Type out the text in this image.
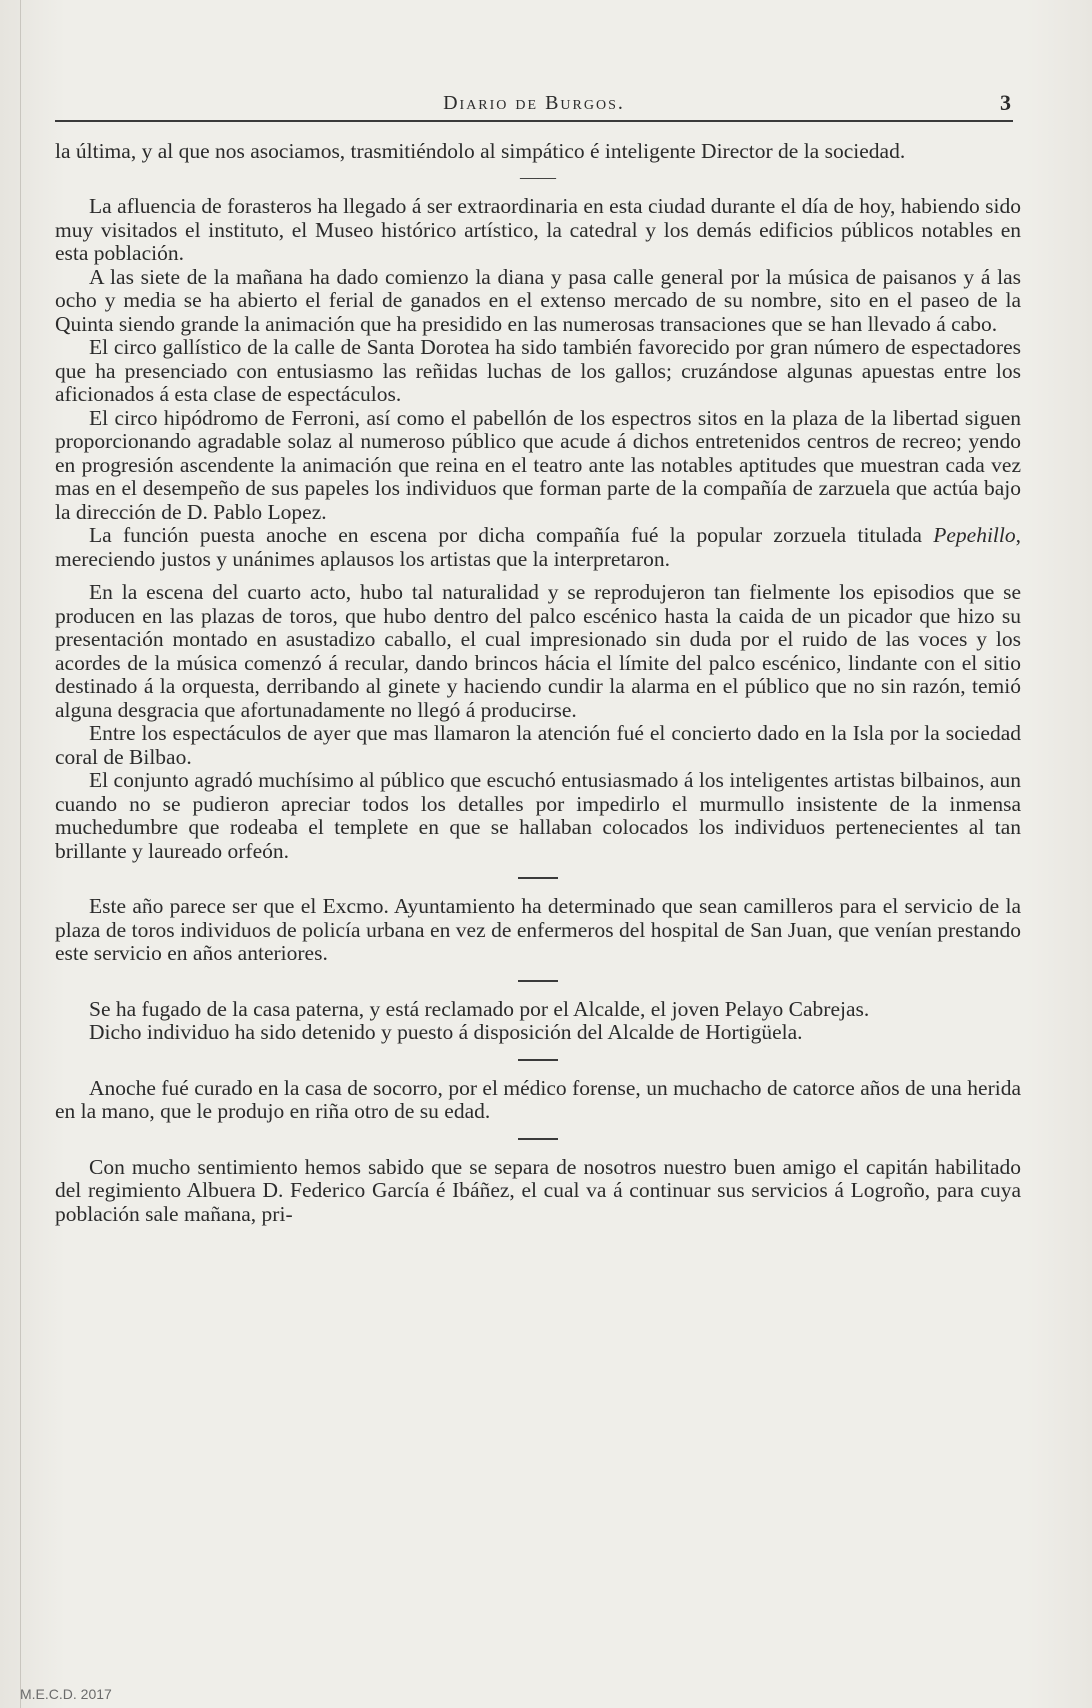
Diario de Burgos.	3

la última, y al que nos asociamos, trasmitiéndolo al simpático é inteligente Director de la sociedad.

——

La afluencia de forasteros ha llegado á ser extraordinaria en esta ciudad durante el día de hoy, habiendo sido muy visitados el instituto, el Museo histórico artístico, la catedral y los demás edificios públicos notables en esta población.

A las siete de la mañana ha dado comienzo la diana y pasa calle general por la música de paisanos y á las ocho y media se ha abierto el ferial de ganados en el extenso mercado de su nombre, sito en el paseo de la Quinta siendo grande la animación que ha presidido en las numerosas transaciones que se han llevado á cabo.

El circo gallístico de la calle de Santa Dorotea ha sido también favorecido por gran número de espectadores que ha presenciado con entusiasmo las reñidas luchas de los gallos; cruzándose algunas apuestas entre los aficionados á esta clase de espectáculos.

El circo hipódromo de Ferroni, así como el pabellón de los espectros sitos en la plaza de la libertad siguen proporcionando agradable solaz al numeroso público que acude á dichos entretenidos centros de recreo; yendo en progresión ascendente la animación que reina en el teatro ante las notables aptitudes que muestran cada vez mas en el desempeño de sus papeles los individuos que forman parte de la compañía de zarzuela que actúa bajo la dirección de D. Pablo Lopez.

La función puesta anoche en escena por dicha compañía fué la popular zorzuela titulada Pepehillo, mereciendo justos y unánimes aplausos los artistas que la interpretaron.

En la escena del cuarto acto, hubo tal naturalidad y se reprodujeron tan fielmente los episodios que se producen en las plazas de toros, que hubo dentro del palco escénico hasta la caida de un picador que hizo su presentación montado en asustadizo caballo, el cual impresionado sin duda por el ruido de las voces y los acordes de la música comenzó á recular, dando brincos hácia el límite del palco escénico, lindante con el sitio destinado á la orquesta, derribando al ginete y haciendo cundir la alarma en el público que no sin razón, temió alguna desgracia que afortunadamente no llegó á producirse.

Entre los espectáculos de ayer que mas llamaron la atención fué el concierto dado en la Isla por la sociedad coral de Bilbao.

El conjunto agradó muchísimo al público que escuchó entusiasmado á los inteligentes artistas bilbainos, aun cuando no se pudieron apreciar todos los detalles por impedirlo el murmullo insistente de la inmensa muchedumbre que rodeaba el templete en que se hallaban colocados los individuos pertenecientes al tan brillante y laureado orfeón.

Este año parece ser que el Excmo. Ayuntamiento ha determinado que sean camilleros para el servicio de la plaza de toros individuos de policía urbana en vez de enfermeros del hospital de San Juan, que venían prestando este servicio en años anteriores.

Se ha fugado de la casa paterna, y está reclamado por el Alcalde, el joven Pelayo Cabrejas.

Dicho individuo ha sido detenido y puesto á disposición del Alcalde de Hortigüela.

Anoche fué curado en la casa de socorro, por el médico forense, un muchacho de catorce años de una herida en la mano, que le produjo en riña otro de su edad.

Con mucho sentimiento hemos sabido que se separa de nosotros nuestro buen amigo el capitán habilitado del regimiento Albuera D. Federico García é Ibáñez, el cual va á continuar sus servicios á Logroño, para cuya población sale mañana, pri-

M.E.C.D. 2017
